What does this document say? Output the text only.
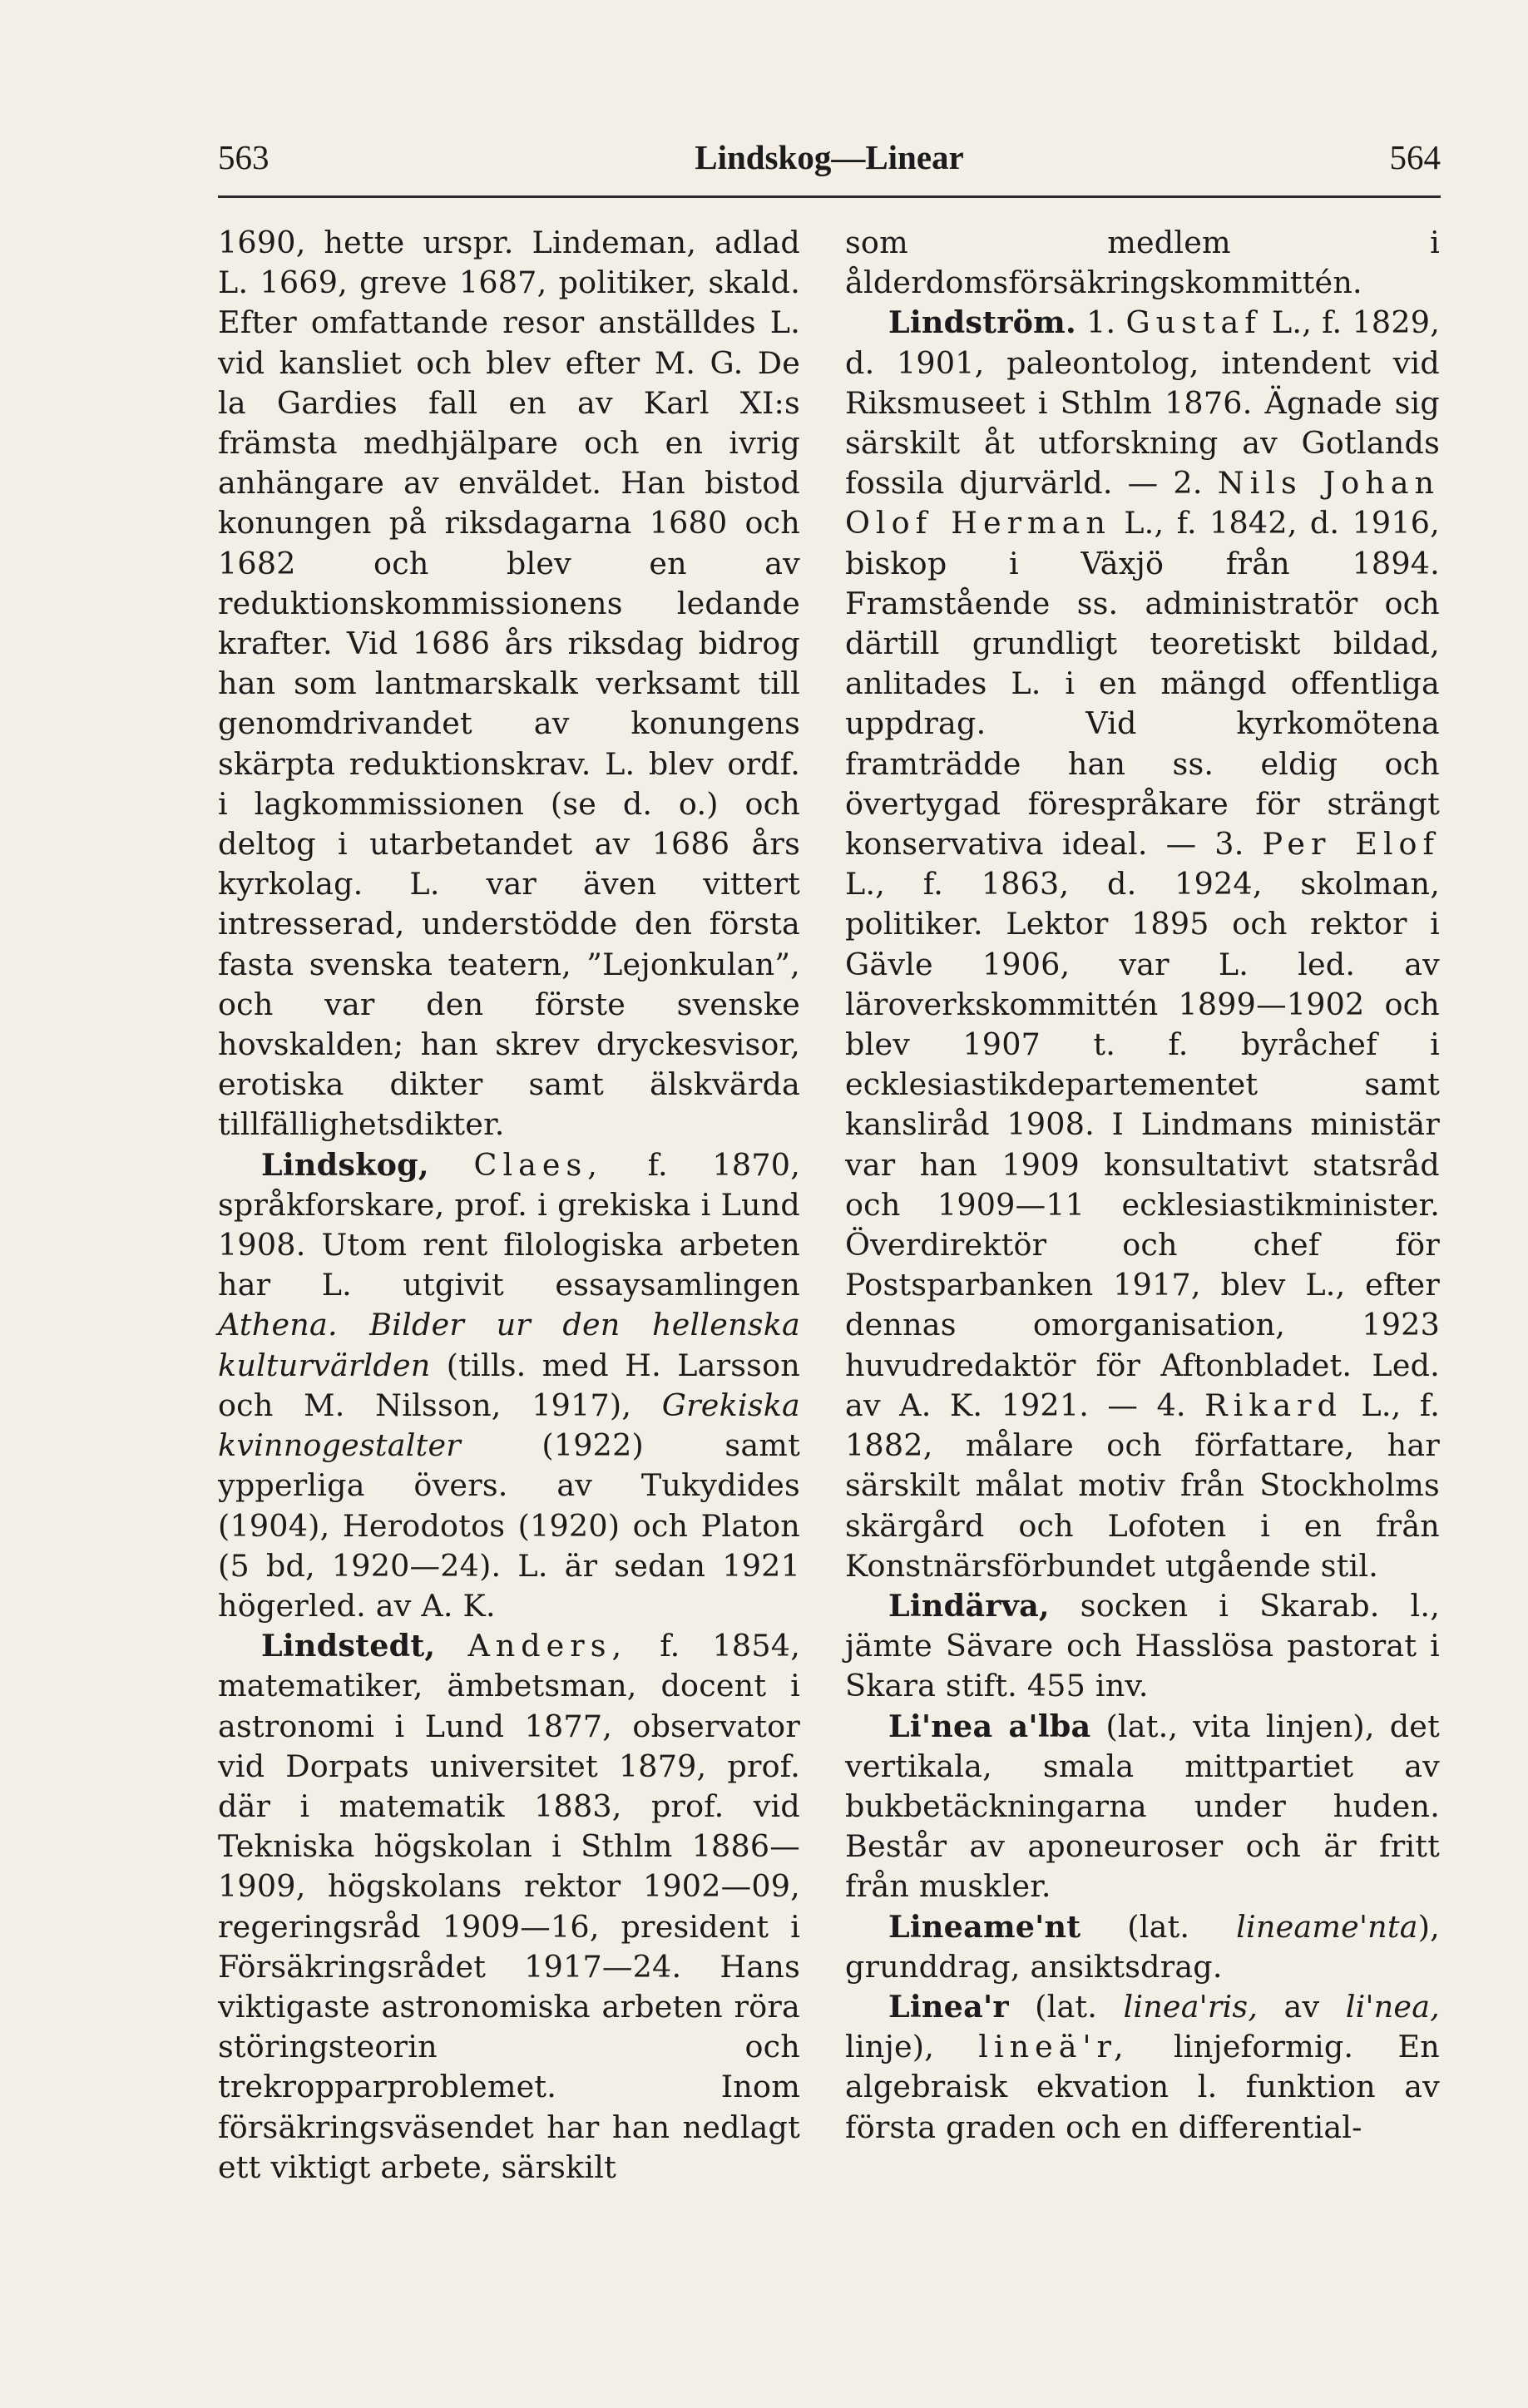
563	Lindskog—Linear	564

1690, hette urspr. Lindeman, adlad L. 1669, greve 1687, politiker, skald. Efter omfattande resor anställdes L. vid kansliet och blev efter M. G. De la Gardies fall en av Karl XI:s främsta medhjälpare och en ivrig anhängare av enväldet. Han bistod konungen på riksdagarna 1680 och 1682 och blev en av reduktionskommissionens ledande krafter. Vid 1686 års riksdag bidrog han som lantmarskalk verksamt till genomdrivandet av konungens skärpta reduktionskrav. L. blev ordf. i lagkommissionen (se d. o.) och deltog i utarbetandet av 1686 års kyrkolag. L. var även vittert intresserad, understödde den första fasta svenska teatern, ”Lejonkulan”, och var den förste svenske hovskalden; han skrev dryckesvisor, erotiska dikter samt älskvärda tillfällighetsdikter.

Lindskog, Claes, f. 1870, språkforskare, prof. i grekiska i Lund 1908. Utom rent filologiska arbeten har L. utgivit essaysamlingen Athena. Bilder ur den hellenska kulturvärlden (tills. med H. Larsson och M. Nilsson, 1917), Grekiska kvinnogestalter	(1922) samt ypperliga övers. av Tukydides (1904), Herodotos (1920) och Platon (5 bd, 1920—24). L. är sedan 1921 högerled. av A. K.

Lindstedt, Anders, f. 1854, matematiker, ämbetsman, docent i astronomi i Lund 1877, observator vid Dorpats universitet 1879, prof. där i matematik 1883, prof. vid Tekniska högskolan i Sthlm 1886—1909, högskolans rektor 1902—09, regeringsråd 1909—16, president i Försäkringsrådet 1917—24. Hans viktigaste astronomiska arbeten röra störingsteorin och trekropparproblemet. Inom försäkringsväsendet har han nedlagt ett viktigt arbete, särskilt

som medlem i ålderdomsförsäkringskommittén.

Lindström. 1. Gustaf L., f. 1829, d. 1901, paleontolog, intendent vid Riksmuseet i Sthlm 1876. Ägnade sig särskilt åt utforskning av Gotlands fossila djurvärld. — 2. Nils Johan Olof Herman L., f. 1842, d. 1916, biskop i Växjö från 1894. Framstående ss. administratör och därtill grundligt teoretiskt bildad, anlitades L. i en mängd offentliga uppdrag. Vid kyrkomötena framträdde han ss. eldig och övertygad förespråkare för strängt konservativa ideal. — 3. Per Elof L., f. 1863, d. 1924, skolman, politiker. Lektor 1895 och rektor i Gävle 1906, var L. led. av läroverkskommittén 1899—1902 och blev 1907 t. f. byråchef i ecklesiastikdepartementet samt kansliråd 1908. I Lindmans ministär var han 1909 konsultativt statsråd och 1909—11 ecklesiastikminister. Överdirektör och chef för Postsparbanken 1917, blev L., efter dennas omorganisation, 1923 huvudredaktör för Aftonbladet. Led. av A. K. 1921. — 4. Rikard L., f. 1882, målare och författare, har särskilt målat motiv från Stockholms skärgård och Lofoten i en från Konstnärsförbundet utgående stil.

Lindärva, socken i Skarab. l., jämte Sävare och Hasslösa pastorat i Skara stift. 455 inv.

Li'nea a'lba (lat., vita linjen), det vertikala, smala mittpartiet av bukbetäckningarna under huden. Består av aponeuroser och är fritt från muskler.

Lineame'nt (lat. lineame'nta), grunddrag, ansiktsdrag.

Linea'r (lat. linea'ris, av li'nea, linje), lineä'r, linjeformig. En algebraisk ekvation l. funktion av första graden och en differential-
